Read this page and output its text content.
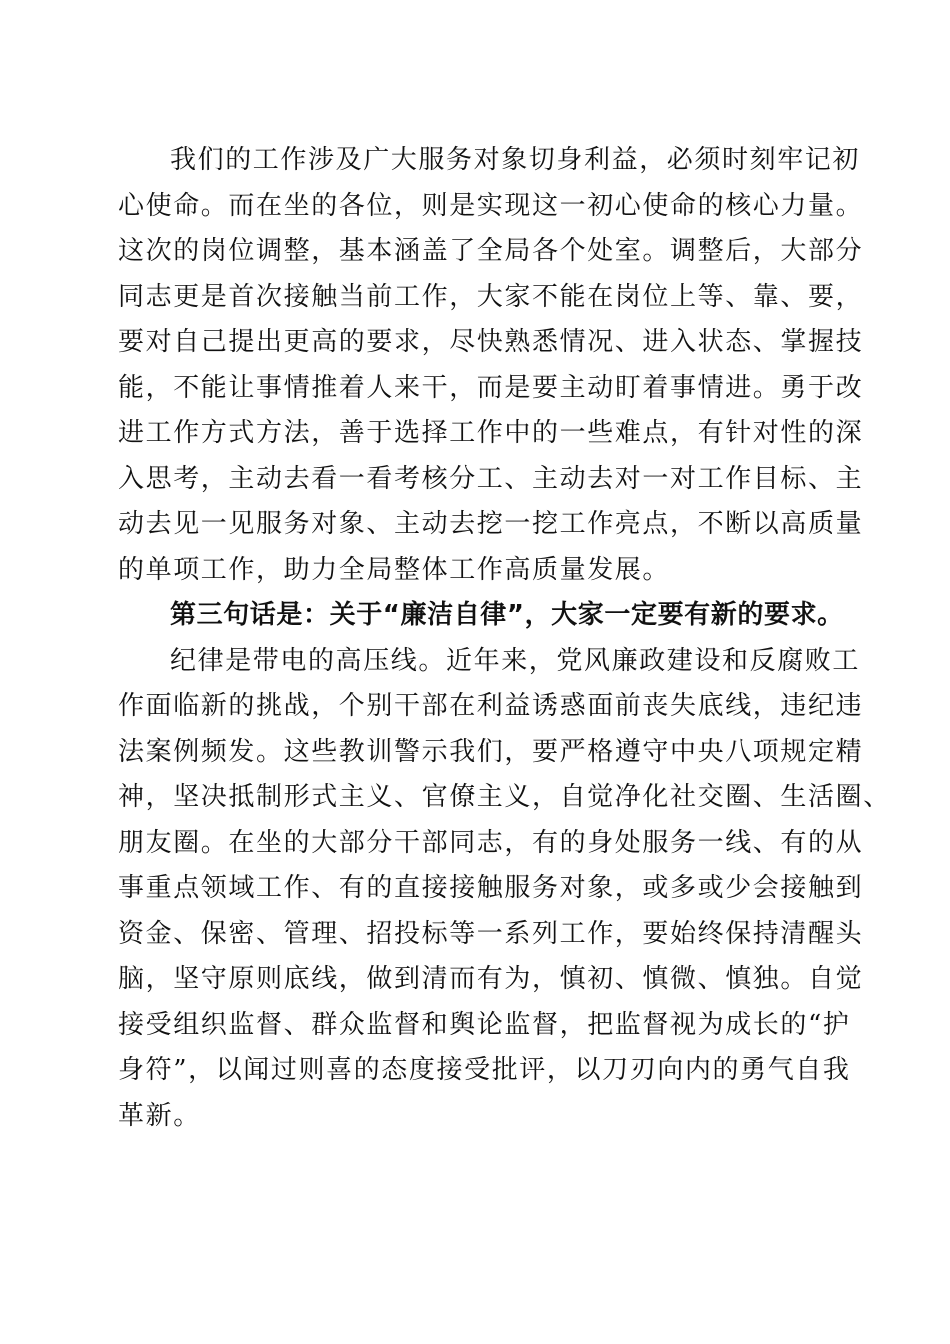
我们的工作涉及广大服务对象切身利益，必须时刻牢记初
心使命。而在坐的各位，则是实现这一初心使命的核心力量。
这次的岗位调整，基本涵盖了全局各个处室。调整后，大部分
同志更是首次接触当前工作，大家不能在岗位上等、靠、要，
要对自己提出更高的要求，尽快熟悉情况、进入状态、掌握技
能，不能让事情推着人来干，而是要主动盯着事情进。勇于改
进工作方式方法，善于选择工作中的一些难点，有针对性的深
入思考，主动去看一看考核分工、主动去对一对工作目标、主
动去见一见服务对象、主动去挖一挖工作亮点，不断以高质量
的单项工作，助力全局整体工作高质量发展。
第三句话是：关于“廉洁自律”，大家一定要有新的要求。
纪律是带电的高压线。近年来，党风廉政建设和反腐败工
作面临新的挑战，个别干部在利益诱惑面前丧失底线，违纪违
法案例频发。这些教训警示我们，要严格遵守中央八项规定精
神，坚决抵制形式主义、官僚主义，自觉净化社交圈、生活圈、
朋友圈。在坐的大部分干部同志，有的身处服务一线、有的从
事重点领域工作、有的直接接触服务对象，或多或少会接触到
资金、保密、管理、招投标等一系列工作，要始终保持清醒头
脑，坚守原则底线，做到清而有为，慎初、慎微、慎独。自觉
接受组织监督、群众监督和舆论监督，把监督视为成长的“护
身符”，以闻过则喜的态度接受批评，以刀刃向内的勇气自我
革新。
